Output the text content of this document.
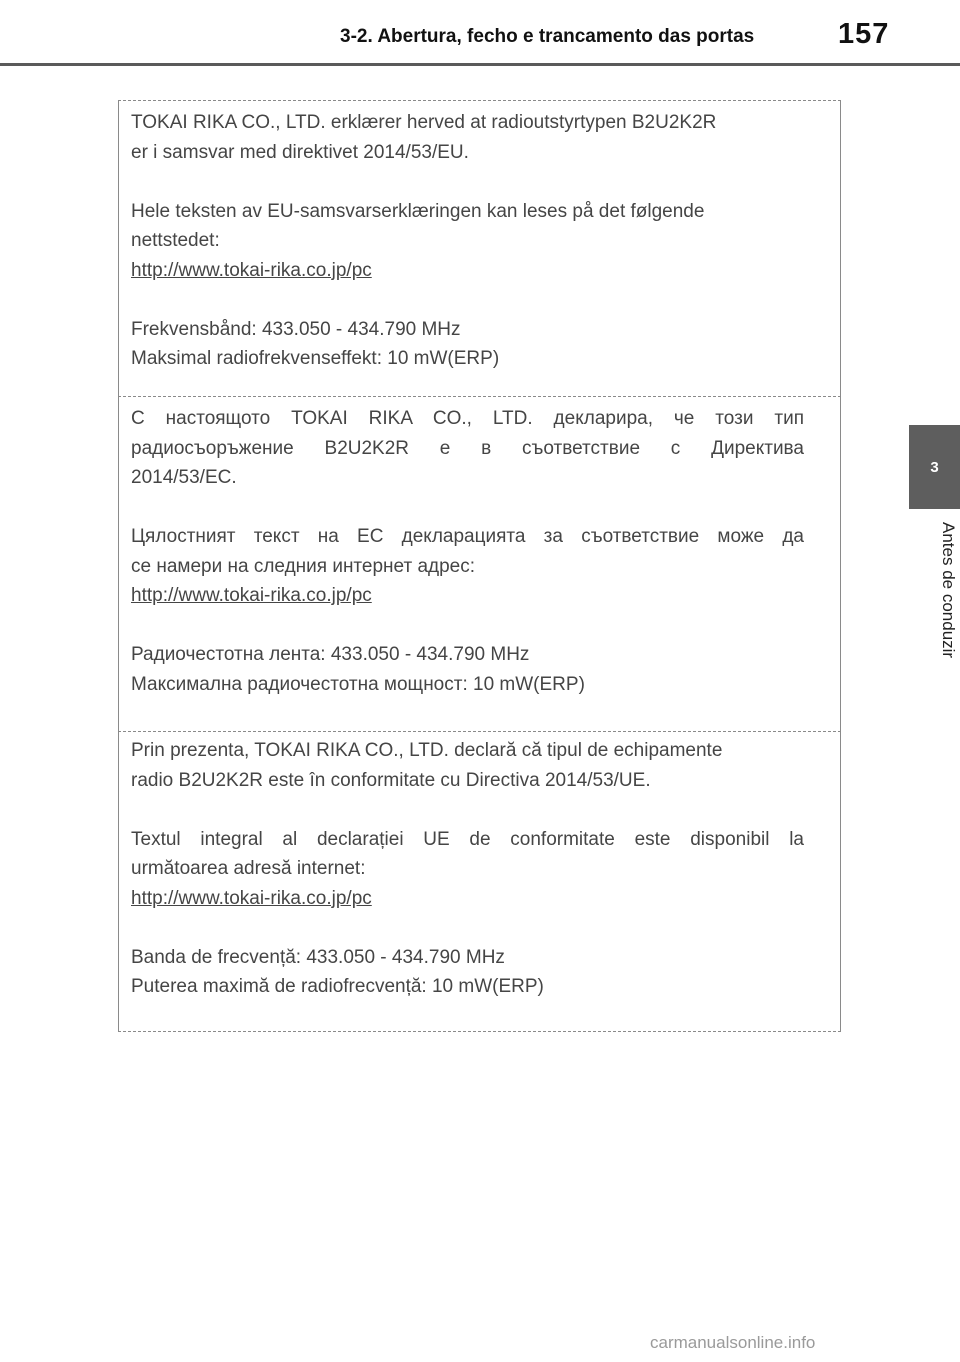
3-2. Abertura, fecho e trancamento das portas	157
3
Antes de conduzir

TOKAI RIKA CO., LTD. erklærer herved at radioutstyrtypen B2U2K2R

er i samsvar med direktivet 2014/53/EU.

Hele teksten av EU-samsvarserklæringen kan leses på det følgende

nettstedet:

http://www.tokai-rika.co.jp/pc

Frekvensbånd: 433.050 - 434.790 MHz

Maksimal radiofrekvenseffekt: 10 mW(ERP)

С настоящото TOKAI RIKA CO., LTD. декларира, че този тип

радиосъоръжение B2U2K2R е в съответствие с Директива

2014/53/ЕС.

Цялостният текст на ЕС декларацията за съответствие може да

се намери на следния интернет адрес:

http://www.tokai-rika.co.jp/pc

Радиочестотна лента: 433.050 - 434.790 MHz

Максимална радиочестотна мощност: 10 mW(ERP)

Prin prezenta, TOKAI RIKA CO., LTD. declară că tipul de echipamente

radio B2U2K2R este în conformitate cu Directiva 2014/53/UE.

Textul integral al declarației UE de conformitate este disponibil la

următoarea adresă internet:

http://www.tokai-rika.co.jp/pc

Banda de frecvență: 433.050 - 434.790 MHz

Puterea maximă de radiofrecvență: 10 mW(ERP)

carmanualsonline.info
